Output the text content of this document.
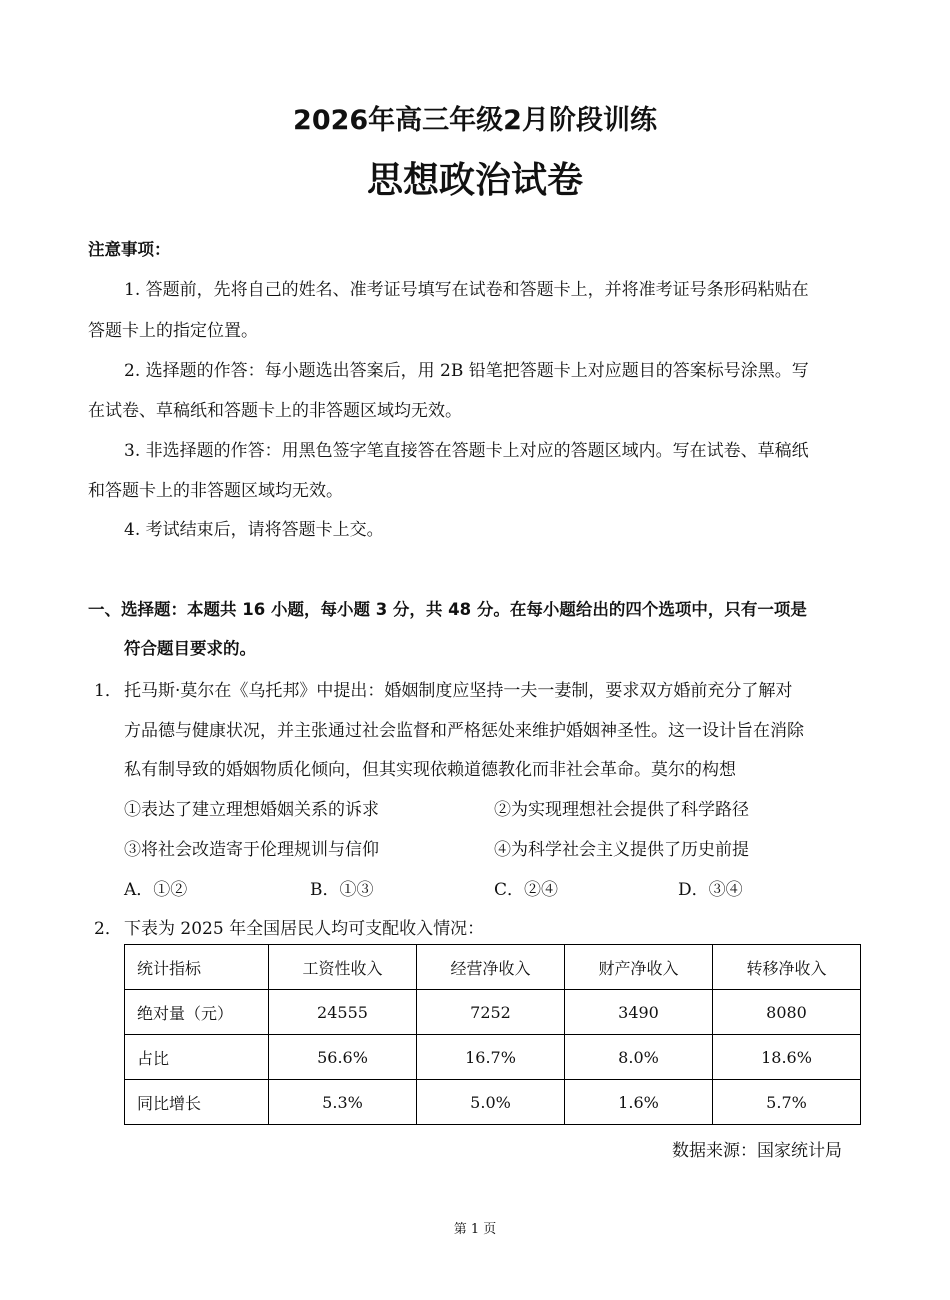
2026年高三年级2月阶段训练
思想政治试卷
注意事项：
1. 答题前，先将自己的姓名、准考证号填写在试卷和答题卡上，并将准考证号条形码粘贴在
答题卡上的指定位置。
2. 选择题的作答：每小题选出答案后，用 2B 铅笔把答题卡上对应题目的答案标号涂黑。写
在试卷、草稿纸和答题卡上的非答题区域均无效。
3. 非选择题的作答：用黑色签字笔直接答在答题卡上对应的答题区域内。写在试卷、草稿纸
和答题卡上的非答题区域均无效。
4. 考试结束后，请将答题卡上交。
一、选择题：本题共 16 小题，每小题 3 分，共 48 分。在每小题给出的四个选项中，只有一项是
符合题目要求的。
1． 托马斯·莫尔在《乌托邦》中提出：婚姻制度应坚持一夫一妻制，要求双方婚前充分了解对
方品德与健康状况，并主张通过社会监督和严格惩处来维护婚姻神圣性。这一设计旨在消除
私有制导致的婚姻物质化倾向，但其实现依赖道德教化而非社会革命。莫尔的构想
①表达了建立理想婚姻关系的诉求	②为实现理想社会提供了科学路径
③将社会改造寄于伦理规训与信仰	④为科学社会主义提供了历史前提
A．①②	B．①③	C．②④	D．③④
2． 下表为 2025 年全国居民人均可支配收入情况：
统计指标	工资性收入	经营净收入	财产净收入	转移净收入
绝对量（元）	24555	7252	3490	8080
占比	56.6%	16.7%	8.0%	18.6%
同比增长	5.3%	5.0%	1.6%	5.7%
数据来源：国家统计局
第 1 页
